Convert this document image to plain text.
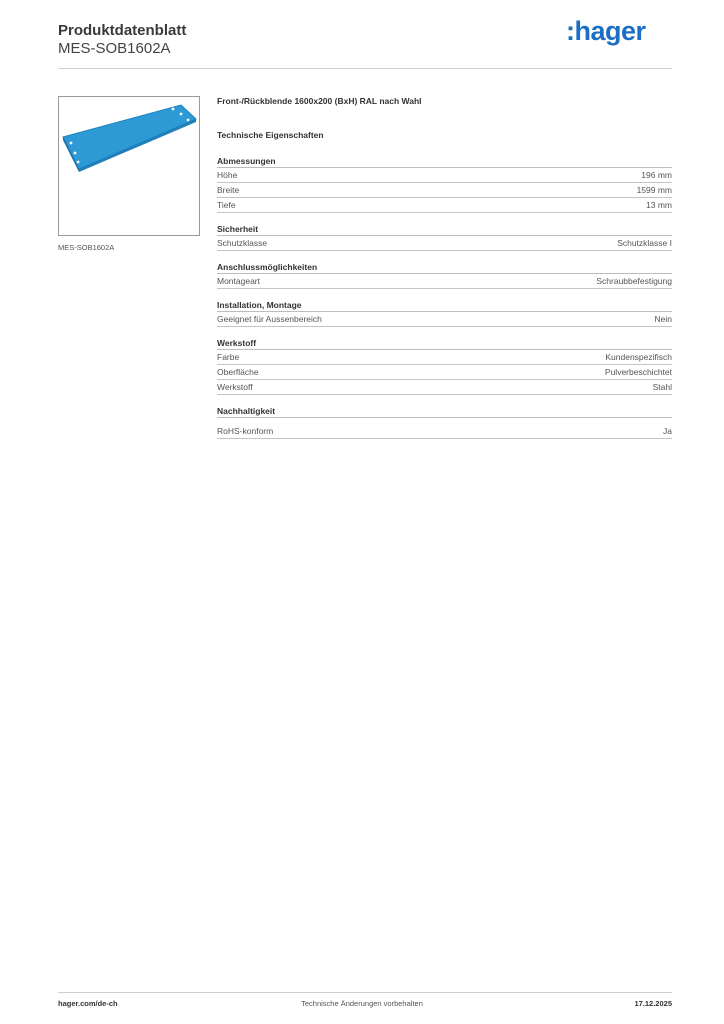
Produktdatenblatt
MES-SOB1602A
:hager
MES-SOB1602A
Front-/Rückblende 1600x200 (BxH) RAL nach Wahl
Technische Eigenschaften
Abmessungen
Höhe	196 mm
Breite	1599 mm
Tiefe	13 mm
Sicherheit
Schutzklasse	Schutzklasse I
Anschlussmöglichkeiten
Montageart	Schraubbefestigung
Installation, Montage
Geeignet für Aussenbereich	Nein
Werkstoff
Farbe	Kundenspezifisch
Oberfläche	Pulverbeschichtet
Werkstoff	Stahl
Nachhaltigkeit
RoHS-konform	Ja
hager.com/de-ch	Technische Änderungen vorbehalten	17.12.2025
